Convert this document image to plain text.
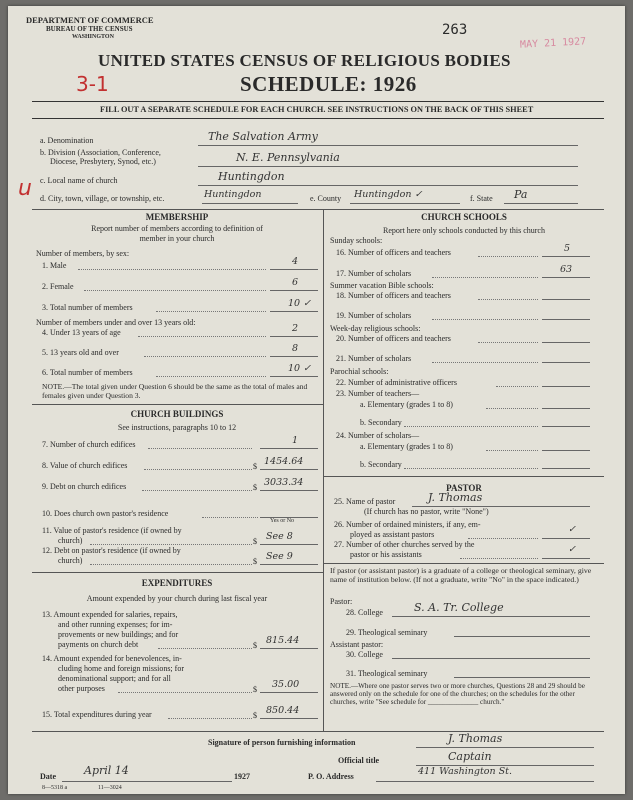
DEPARTMENT OF COMMERCE
BUREAU OF THE CENSUS
WASHINGTON	263
MAY 21 1927
UNITED STATES CENSUS OF RELIGIOUS BODIES
3-1	SCHEDULE: 1926
FILL OUT A SEPARATE SCHEDULE FOR EACH CHURCH. SEE INSTRUCTIONS ON THE BACK OF THIS SHEET
a. Denomination	The Salvation Army
b. Division (Association, Conference,
Diocese, Presbytery, Synod, etc.)	N. E. Pennsylvania
c. Local name of church	Huntingdon
u d. City, town, village, or township, etc.	Huntingdon	e. County Huntingdon ✓	f. State Pa
MEMBERSHIP
Report number of members according to definition of
member in your church
Number of members, by sex:
1. Male	4
2. Female	6
3. Total number of members	10 ✓
Number of members under and over 13 years old:
4. Under 13 years of age	2
5. 13 years old and over	8
6. Total number of members	10 ✓
NOTE.—The total given under Question 6 should be the same as the total of males and females given under Question 3.
CHURCH BUILDINGS
See instructions, paragraphs 10 to 12
7. Number of church edifices	1
8. Value of church edifices	$ 1454.64
9. Debt on church edifices	$ 3033.34
10. Does church own pastor's residence
Yes or No
11. Value of pastor's residence (if owned by
church)	$ See 8
12. Debt on pastor's residence (if owned by
church)	$ See 9
EXPENDITURES
Amount expended by your church during last fiscal year
13. Amount expended for salaries, repairs,
and other running expenses; for im-
provements or new buildings; and for
payments on church debt	$ 815.44
14. Amount expended for benevolences, in-
cluding home and foreign missions; for
denominational support; and for all
other purposes	$ 35.00
15. Total expenditures during year	$ 850.44
CHURCH SCHOOLS
Report here only schools conducted by this church
Sunday schools:
16. Number of officers and teachers	5
17. Number of scholars	63
Summer vacation Bible schools:
18. Number of officers and teachers
19. Number of scholars
Week-day religious schools:
20. Number of officers and teachers
21. Number of scholars
Parochial schools:
22. Number of administrative officers
23. Number of teachers—
a. Elementary (grades 1 to 8)
b. Secondary
24. Number of scholars—
a. Elementary (grades 1 to 8)
b. Secondary
PASTOR
25. Name of pastor	J. Thomas
(If church has no pastor, write "None")
26. Number of ordained ministers, if any, em-
ployed as assistant pastors	✓
27. Number of other churches served by the
pastor or his assistants	✓
If pastor (or assistant pastor) is a graduate of a college or theological seminary, give name of institution below. (If not a graduate, write "No" in the space indicated.)
Pastor:
28. College	S. A. Tr. College
29. Theological seminary
Assistant pastor:
30. College
31. Theological seminary
NOTE.—Where one pastor serves two or more churches, Questions 28 and 29 should be answered only on the schedule for one of the churches; on the schedules for the other churches, write "See schedule for ______________ church."
Signature of person furnishing information	J. Thomas
Official title	Captain
Date	April 14	1927	P. O. Address	411 Washington St.
8—5318 a	11—3024
